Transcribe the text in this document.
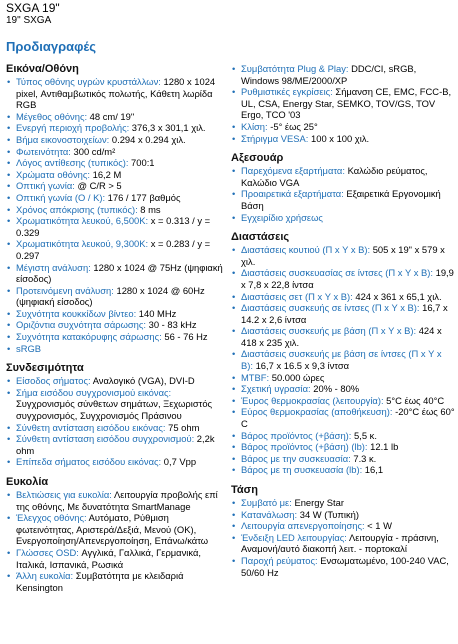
SXGA 19"
19" SXGA
Προδιαγραφές
Εικόνα/Οθόνη
• Τύπος οθόνης υγρών κρυστάλλων: 1280 x 1024 pixel, Αντιθαμβωτικός πολωτής, Κάθετη λωρίδα RGB
• Μέγεθος οθόνης: 48 cm/ 19"
• Ενεργή περιοχή προβολής: 376,3 x 301,1 χιλ.
• Βήμα εικονοστοιχείων: 0.294 x 0.294 χιλ.
• Φωτεινότητα: 300 cd/m²
• Λόγος αντίθεσης (τυπικός): 700:1
• Χρώματα οθόνης: 16,2 M
• Οπτική γωνία: @ C/R > 5
• Οπτική γωνία (O / K): 176 / 177 βαθμός
• Χρόνος απόκρισης (τυπικός): 8 ms
• Χρωματικότητα λευκού, 6,500K: x = 0.313 / y = 0.329
• Χρωματικότητα λευκού, 9,300K: x = 0.283 / y = 0.297
• Μέγιστη ανάλυση: 1280 x 1024 @ 75Hz (ψηφιακή είσοδος)
• Προτεινόμενη ανάλυση: 1280 x 1024 @ 60Hz (ψηφιακή είσοδος)
• Συχνότητα κουκκίδων βίντεο: 140 MHz
• Οριζόντια συχνότητα σάρωσης: 30 - 83 kHz
• Συχνότητα κατακόρυφης σάρωσης: 56 - 76 Hz
• sRGB
Συνδεσιμότητα
• Είσοδος σήματος: Αναλογικό (VGA), DVI-D
• Σήμα εισόδου συγχρονισμού εικόνας: Συγχρονισμός σύνθετων σημάτων, Ξεχωριστός συγχρονισμός, Συγχρονισμός Πράσινου
• Σύνθετη αντίσταση εισόδου εικόνας: 75 ohm
• Σύνθετη αντίσταση εισόδου συγχρονισμού: 2,2k ohm
• Επίπεδα σήματος εισόδου εικόνας: 0,7 Vpp
Ευκολία
• Βελτιώσεις για ευκολία: Λειτουργία προβολής επί της οθόνης, Με δυνατότητα SmartManage
• Έλεγχος οθόνης: Αυτόματο, Ρύθμιση φωτεινότητας, Αριστερά/Δεξιά, Μενού (ΟΚ), Ενεργοποίηση/Απενεργοποίηση, Επάνω/κάτω
• Γλώσσες OSD: Αγγλικά, Γαλλικά, Γερμανικά, Ιταλικά, Ισπανικά, Ρωσικά
• Άλλη ευκολία: Συμβατότητα με κλειδαριά Kensington
• Συμβατότητα Plug & Play: DDC/CI, sRGB, Windows 98/ME/2000/XP
• Ρυθμιστικές εγκρίσεις: Σήμανση CE, EMC, FCC-B, UL, CSA, Energy Star, SEMKO, TOV/GS, TOV Ergo, TCO '03
• Κλίση: -5° έως 25°
• Στήριγμα VESA: 100 x 100 χιλ.
Αξεσουάρ
• Παρεχόμενα εξαρτήματα: Καλώδιο ρεύματος, Καλώδιο VGA
• Προαιρετικά εξαρτήματα: Εξαιρετικά Εργονομική Βάση
• Εγχειρίδιο χρήσεως
Διαστάσεις
• Διαστάσεις κουτιού (Π x Υ x Β): 505 x 19" x 579 x χιλ.
• Διαστάσεις συσκευασίας σε ίντσες (Π x Υ x Β): 19,9 x 7,8 x 22,8 ίντσα
• Διαστάσεις σετ (Π x Υ x Β): 424 x 361 x 65,1 χιλ.
• Διαστάσεις συσκευής σε ίντσες (Π x Υ x Β): 16,7 x 14.2 x 2,6 ίντσα
• Διαστάσεις συσκευής με βάση (Π x Υ x Β): 424 x 418 x 235 χιλ.
• Διαστάσεις συσκευής με βάση σε ίντσες (Π x Υ x Β): 16,7 x 16.5 x 9,3 ίντσα
• MTBF: 50.000 ώρες
• Σχετική υγρασία: 20% - 80%
• Έυρος θερμοκρασίας (λειτουργία): 5°C έως 40°C
• Εύρος θερμοκρασίας (αποθήκευση): -20°C έως 60° C
• Βάρος προϊόντος (+βάση): 5,5 κ.
• Βάρος προϊόντος (+βάση) (lb): 12.1 lb
• Βάρος με την συσκευασία: 7.3 κ.
• Βάρος με τη συσκευασία (lb): 16,1
Τάση
• Συμβατό με: Energy Star
• Κατανάλωση: 34 W (Τυπική)
• Λειτουργία απενεργοποίησης: < 1 W
• Ένδειξη LED λειτουργίας: Λειτουργία - πράσινη, Αναμονή/αυτό διακοπή λειτ. - πορτοκαλί
• Παροχή ρεύματος: Ενσωματωμένο, 100-240 VAC, 50/60 Hz
